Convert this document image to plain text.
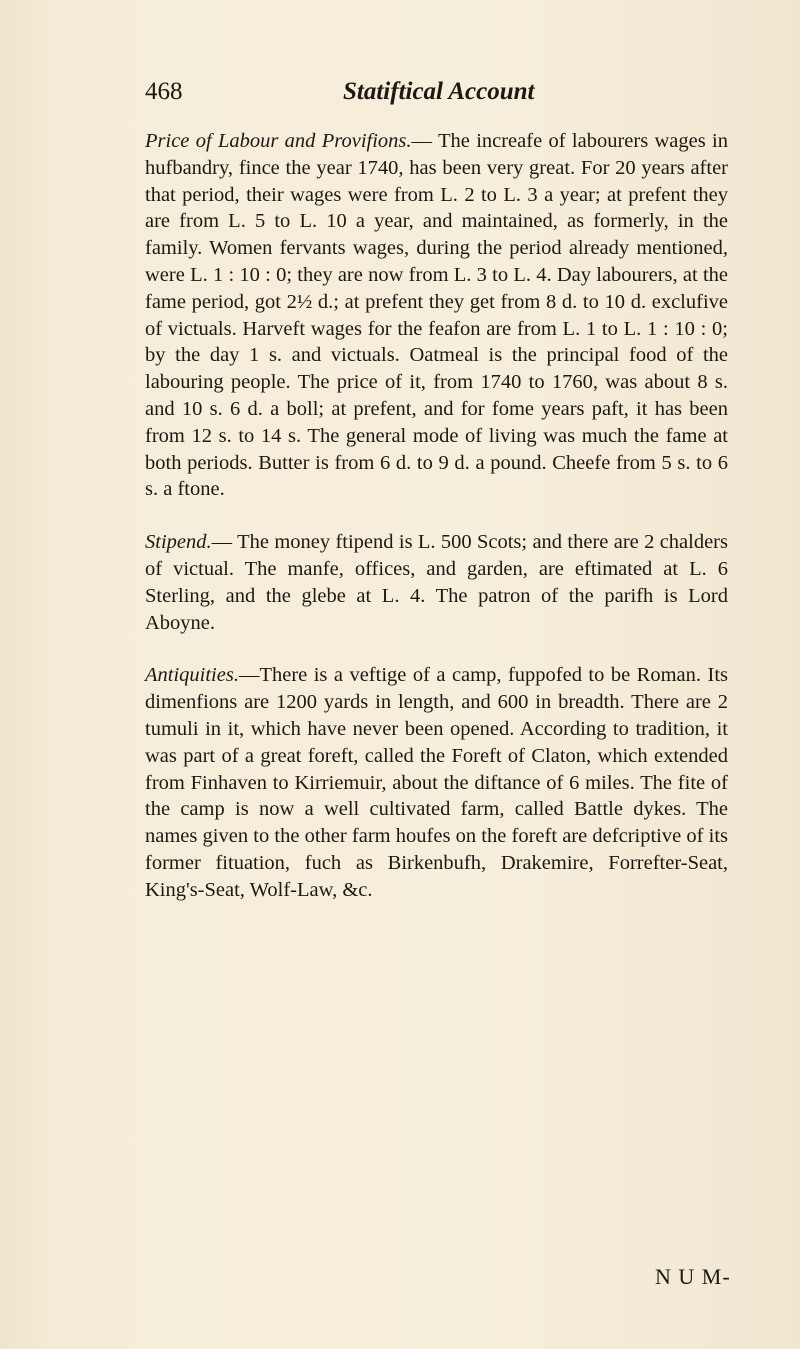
468	Statiftical Account

Price of Labour and Provifions.— The increafe of labourers wages in hufbandry, fince the year 1740, has been very great. For 20 years after that period, their wages were from L. 2 to L. 3 a year; at prefent they are from L. 5 to L. 10 a year, and maintained, as formerly, in the family. Women fervants wages, during the period already mentioned, were L. 1 : 10 : 0; they are now from L. 3 to L. 4. Day labourers, at the fame period, got 2½ d.; at prefent they get from 8 d. to 10 d. exclufive of victuals. Harveft wages for the feafon are from L. 1 to L. 1 : 10 : 0; by the day 1 s. and victuals. Oatmeal is the principal food of the labouring people. The price of it, from 1740 to 1760, was about 8 s. and 10 s. 6 d. a boll; at prefent, and for fome years paft, it has been from 12 s. to 14 s. The general mode of living was much the fame at both periods. Butter is from 6 d. to 9 d. a pound. Cheefe from 5 s. to 6 s. a ftone.

Stipend.— The money ftipend is L. 500 Scots; and there are 2 chalders of victual. The manfe, offices, and garden, are eftimated at L. 6 Sterling, and the glebe at L. 4. The patron of the parifh is Lord Aboyne.

Antiquities.—There is a veftige of a camp, fuppofed to be Roman. Its dimenfions are 1200 yards in length, and 600 in breadth. There are 2 tumuli in it, which have never been opened. According to tradition, it was part of a great foreft, called the Foreft of Claton, which extended from Finhaven to Kirriemuir, about the diftance of 6 miles. The fite of the camp is now a well cultivated farm, called Battle dykes. The names given to the other farm houfes on the foreft are defcriptive of its former fituation, fuch as Birkenbufh, Drakemire, Forrefter-Seat, King's-Seat, Wolf-Law, &c.

N U M-
